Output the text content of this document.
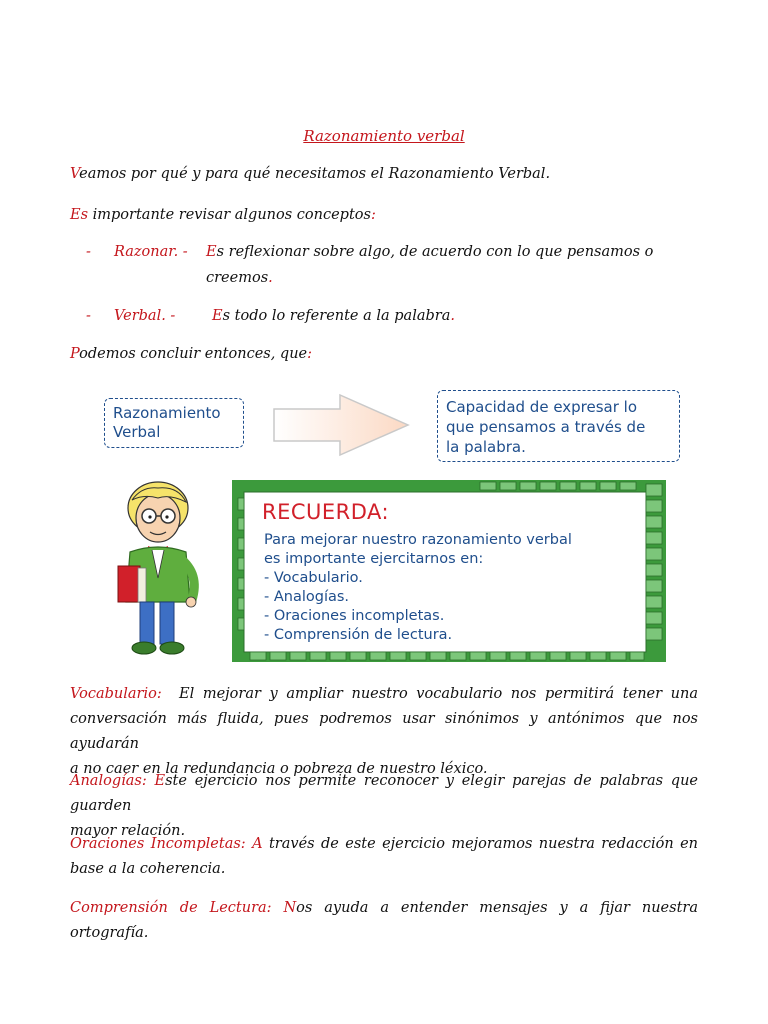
Razonamiento verbal
Veamos por qué y para qué necesitamos el Razonamiento Verbal.
Es importante revisar algunos conceptos:
- Razonar. - Es reflexionar sobre algo, de acuerdo con lo que pensamos o
creemos.
- Verbal. -	Es todo lo referente a la palabra.
Podemos concluir entonces, que:
Razonamiento
Verbal
Capacidad de expresar lo
que pensamos a través de
la palabra.
RECUERDA:
Para mejorar nuestro razonamiento verbal
es importante ejercitarnos en:
- Vocabulario.
- Analogías.
- Oraciones incompletas.
- Comprensión de lectura.
Vocabulario: El mejorar y ampliar nuestro vocabulario nos permitirá tener una
conversación más fluida, pues podremos usar sinónimos y antónimos que nos ayudarán
a no caer en la redundancia o pobreza de nuestro léxico.
Analogías: Este ejercicio nos permite reconocer y elegir parejas de palabras que guarden
mayor relación.
Oraciones Incompletas: A través de este ejercicio mejoramos nuestra redacción en
base a la coherencia.
Comprensión de Lectura: Nos ayuda a entender mensajes y a fijar nuestra ortografía.
